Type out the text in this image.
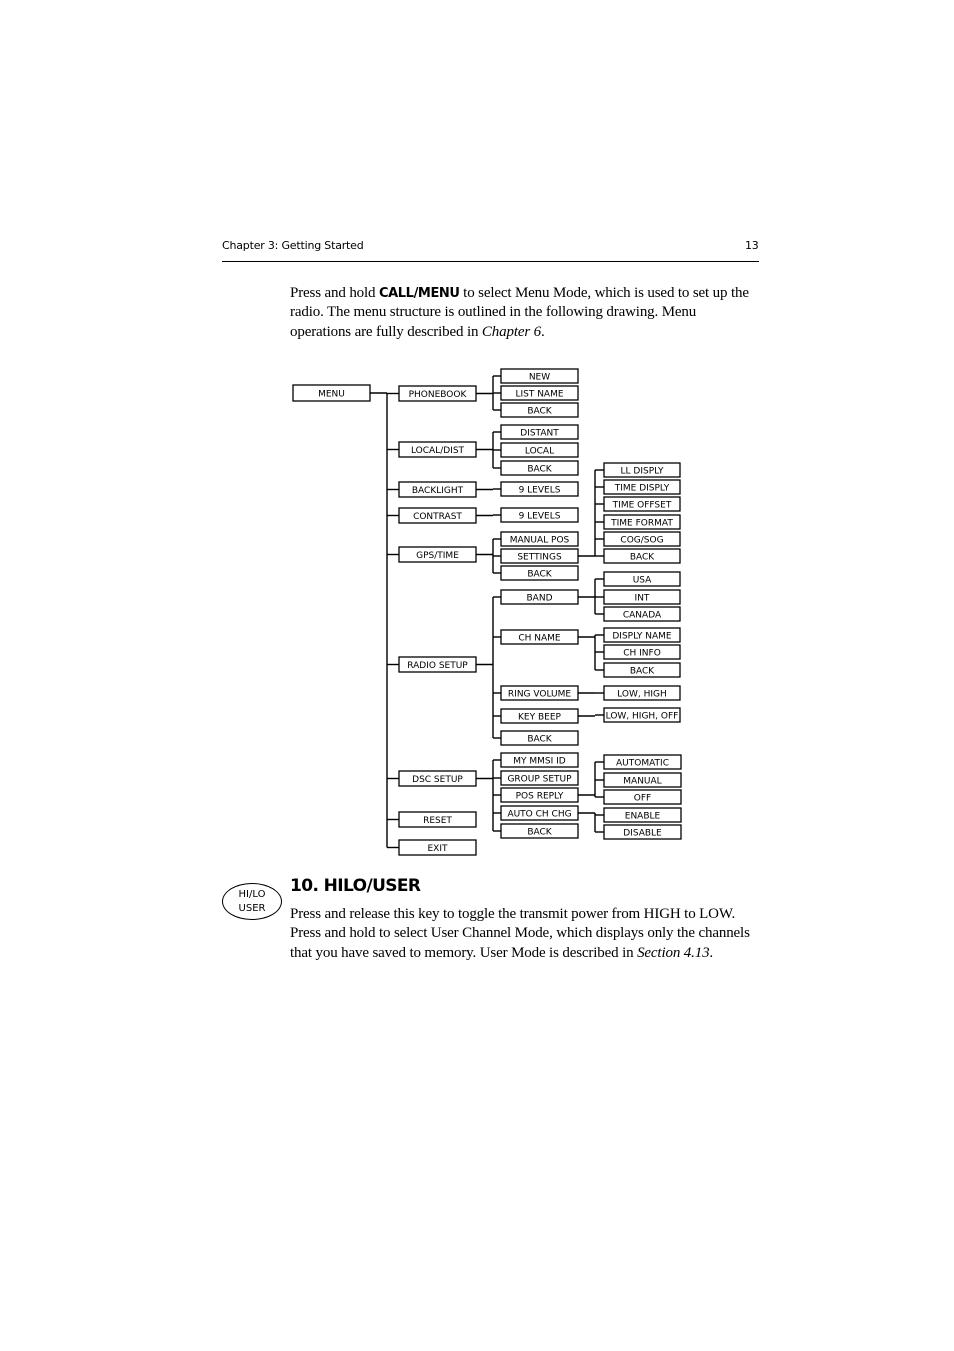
Chapter 3: Getting Started	13

Press and hold CALL/MENU to select Menu Mode, which is used to set up the radio. The menu structure is outlined in the following drawing. Menu operations are fully described in Chapter 6.

MENU	PHONEBOOK
NEW
LIST NAME
BACK
LOCAL/DIST
DISTANT
LOCAL
BACK
BACKLIGHT	9 LEVELS
CONTRAST	9 LEVELS
GPS/TIME
MANUAL POS
SETTINGS
LL DISPLY
TIME DISPLY
TIME OFFSET
TIME FORMAT
COG/SOG
BACK
BACK
RADIO SETUP
BAND
USA
INT
CANADA
CH NAME	DISPLY NAME
CH INFO
BACK
RING VOLUME	LOW, HIGH
KEY BEEP	LOW, HIGH, OFF
BACK
DSC SETUP
MY MMSI ID
GROUP SETUP
POS REPLY
AUTOMATIC
MANUAL
OFF
AUTO CH CHG	ENABLE
DISABLE
BACK
RESET
EXIT
HI/LO
USER
10. HILO/USER

Press and release this key to toggle the transmit power from HIGH to LOW. Press and hold to select User Channel Mode, which displays only the channels that you have saved to memory. User Mode is described in Section 4.13.
